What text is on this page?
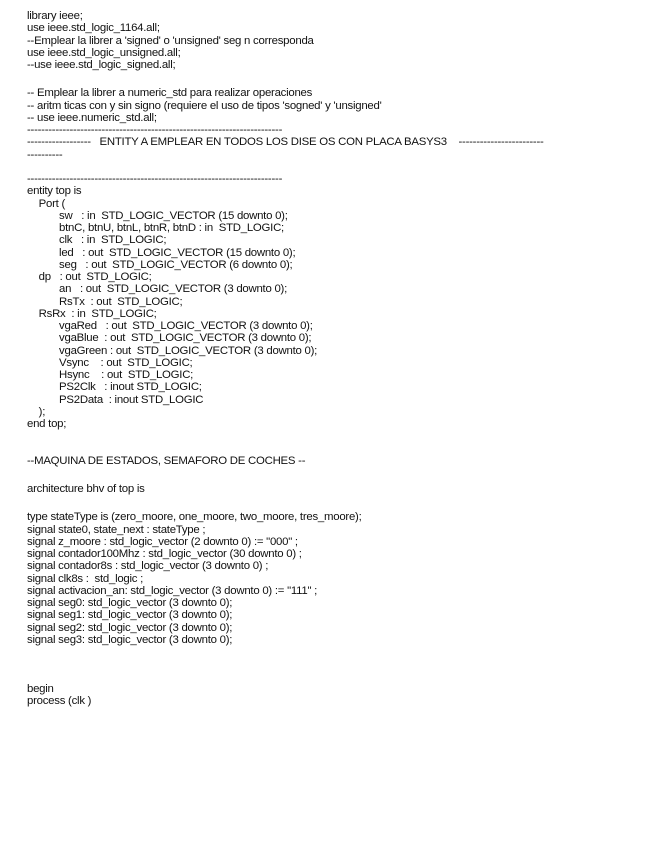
library ieee;
use ieee.std_logic_1164.all;
--Emplear la librer a 'signed' o 'unsigned' seg n corresponda
use ieee.std_logic_unsigned.all;
--use ieee.std_logic_signed.all;
-- Emplear la librer a numeric_std para realizar operaciones
-- aritm ticas con y sin signo (requiere el uso de tipos 'sogned' y 'unsigned'
-- use ieee.numeric_std.all;
------------------------------------------------------------------------
------------------   ENTITY A EMPLEAR EN TODOS LOS DISE OS CON PLACA BASYS3    ------------------------
----------
------------------------------------------------------------------------
entity top is
Port (
sw   : in  STD_LOGIC_VECTOR (15 downto 0);
btnC, btnU, btnL, btnR, btnD : in  STD_LOGIC;
clk   : in  STD_LOGIC;
led   : out  STD_LOGIC_VECTOR (15 downto 0);
seg   : out  STD_LOGIC_VECTOR (6 downto 0);
dp   : out  STD_LOGIC;
an   : out  STD_LOGIC_VECTOR (3 downto 0);
RsTx  : out  STD_LOGIC;
RsRx  : in  STD_LOGIC;
vgaRed   : out  STD_LOGIC_VECTOR (3 downto 0);
vgaBlue  : out  STD_LOGIC_VECTOR (3 downto 0);
vgaGreen : out  STD_LOGIC_VECTOR (3 downto 0);
Vsync    : out  STD_LOGIC;
Hsync    : out  STD_LOGIC;
PS2Clk   : inout STD_LOGIC;
PS2Data  : inout STD_LOGIC
);
end top;
--MAQUINA DE ESTADOS, SEMAFORO DE COCHES --
architecture bhv of top is
type stateType is (zero_moore, one_moore, two_moore, tres_moore);
signal state0, state_next : stateType ;
signal z_moore : std_logic_vector (2 downto 0) := "000" ;
signal contador100Mhz : std_logic_vector (30 downto 0) ;
signal contador8s : std_logic_vector (3 downto 0) ;
signal clk8s :  std_logic ;
signal activacion_an: std_logic_vector (3 downto 0) := "111" ;
signal seg0: std_logic_vector (3 downto 0);
signal seg1: std_logic_vector (3 downto 0);
signal seg2: std_logic_vector (3 downto 0);
signal seg3: std_logic_vector (3 downto 0);
begin
process (clk )
